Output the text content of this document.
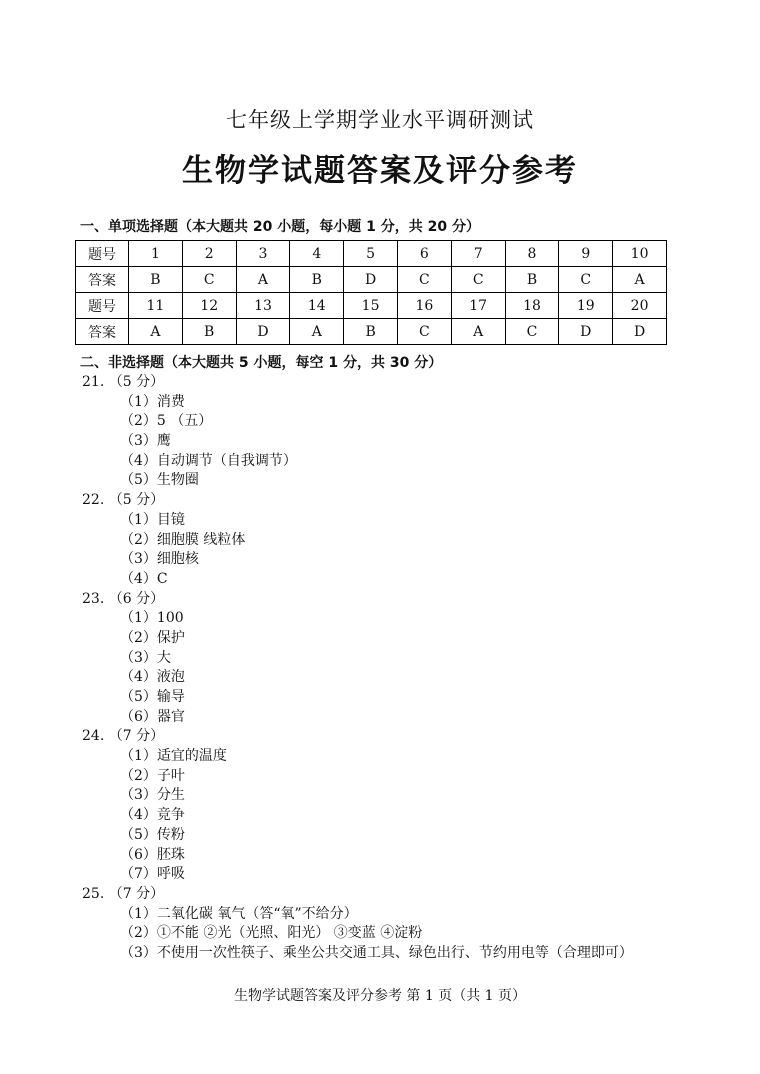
七年级上学期学业水平调研测试
生物学试题答案及评分参考
一、单项选择题（本大题共 20 小题，每小题 1 分，共 20 分）
题号	1	2	3	4	5	6	7	8	9	10
答案	B	C	A	B	D	C	C	B	C	A
题号	11	12	13	14	15	16	17	18	19	20
答案	A	B	D	A	B	C	A	C	D	D
二、非选择题（本大题共 5 小题，每空 1 分，共 30 分）
21. （5 分）
（1）消费
（2）5 （五）
（3）鹰
（4）自动调节（自我调节）
（5）生物圈
22. （5 分）
（1）目镜
（2）细胞膜 线粒体
（3）细胞核
（4）C
23. （6 分）
（1）100
（2）保护
（3）大
（4）液泡
（5）输导
（6）器官
24. （7 分）
（1）适宜的温度
（2）子叶
（3）分生
（4）竞争
（5）传粉
（6）胚珠
（7）呼吸
25. （7 分）
（1）二氧化碳 氧气（答“氧”不给分）
（2）①不能 ②光（光照、阳光） ③变蓝 ④淀粉
（3）不使用一次性筷子、乘坐公共交通工具、绿色出行、节约用电等（合理即可）
生物学试题答案及评分参考 第 1 页（共 1 页）
